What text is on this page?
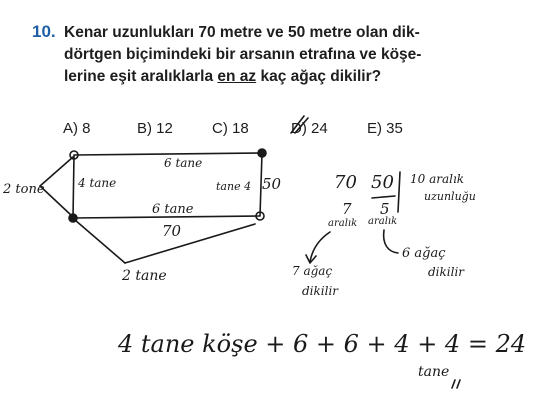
10. Kenar uzunlukları 70 metre ve 50 metre olan dik-
dörtgen biçimindeki bir arsanın etrafına ve köşe-
lerine eşit aralıklarla en az kaç ağaç dikilir?
A) 8	B) 12	C) 18	D) 24	E) 35
2 tone	4 tane
6 tane
tane 4 50
6 tane
70
2 tane
70 50 10 aralık
uzunluğu
7 5
aralık aralık
7 ağaç
dikilir
6 ağaç
dikilir
4 tane köşe + 6 + 6 + 4 + 4 = 24
tane
